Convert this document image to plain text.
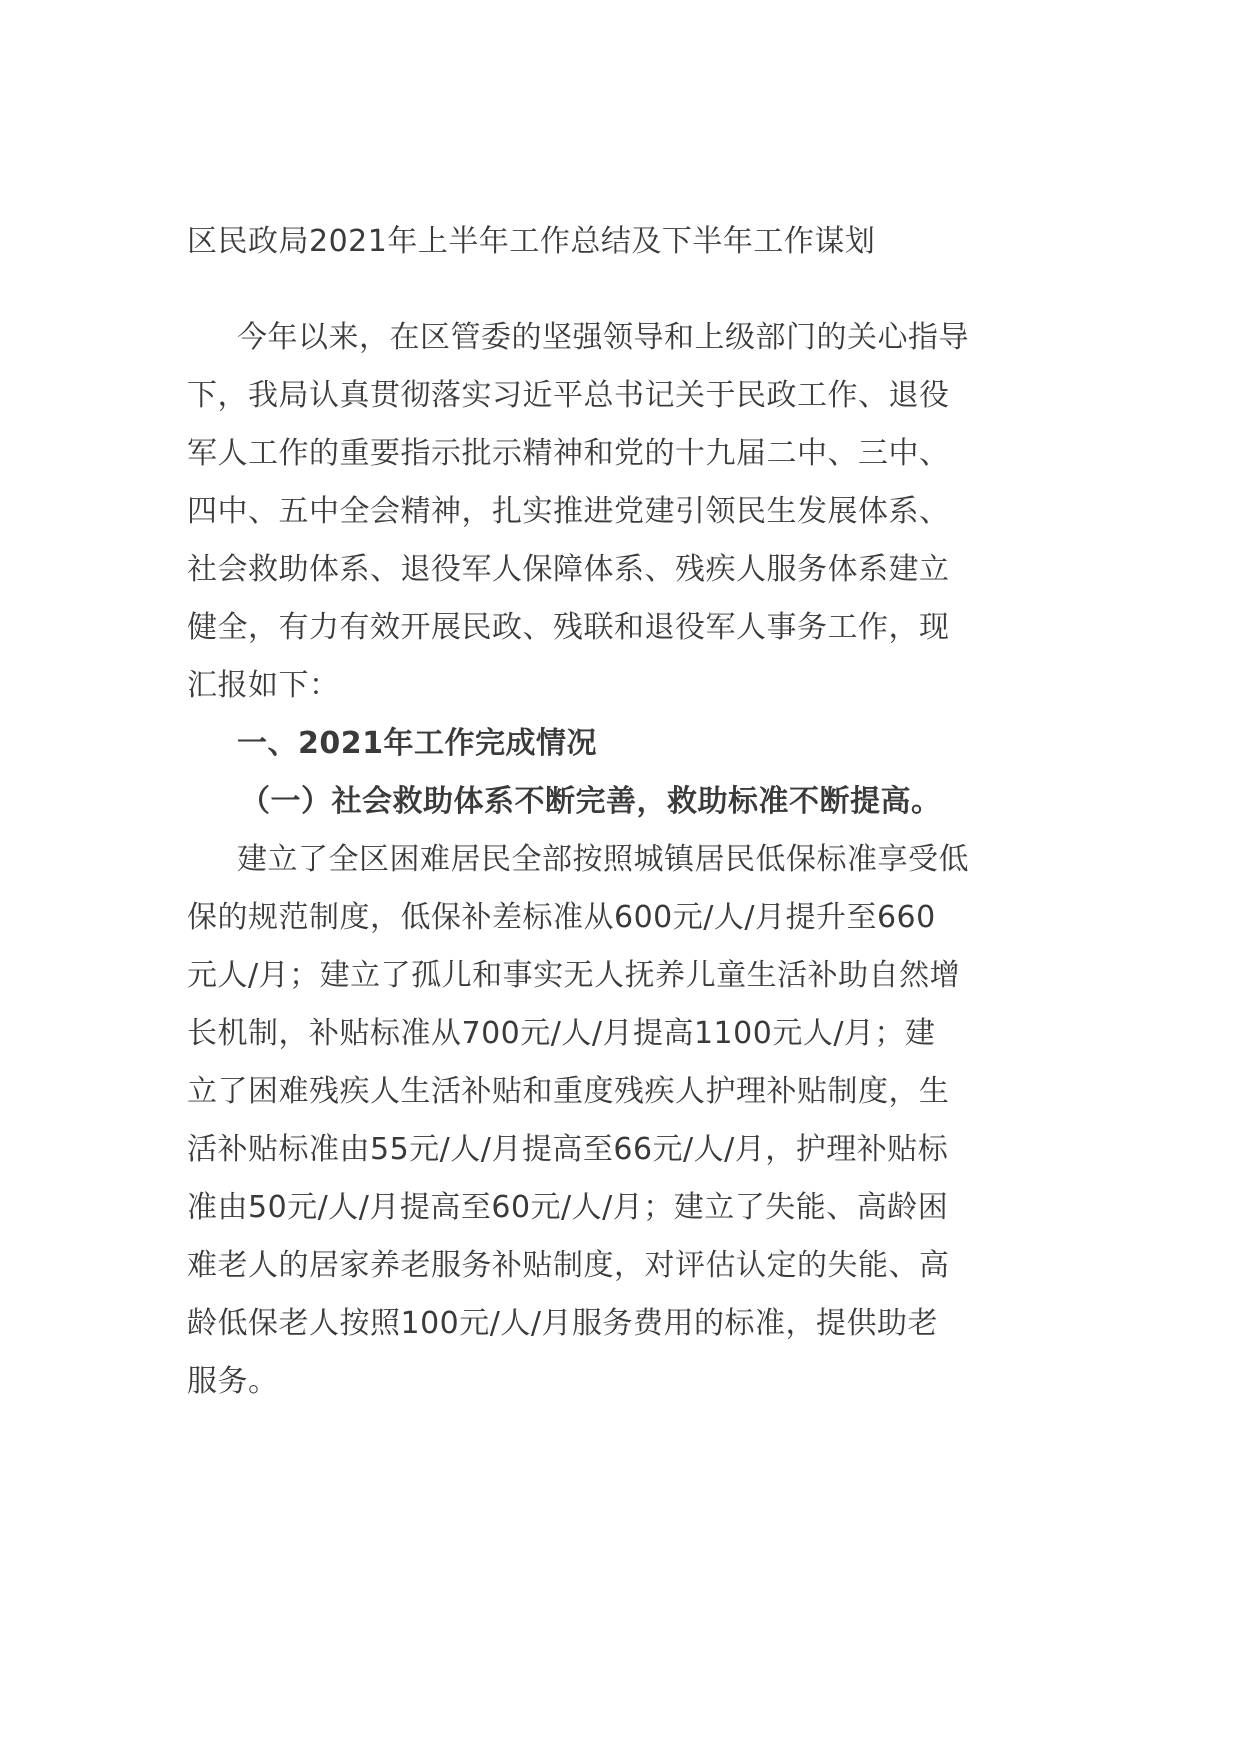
区民政局2021年上半年工作总结及下半年工作谋划
今年以来，在区管委的坚强领导和上级部门的关心指导
下，我局认真贯彻落实习近平总书记关于民政工作、退役
军人工作的重要指示批示精神和党的十九届二中、三中、
四中、五中全会精神，扎实推进党建引领民生发展体系、
社会救助体系、退役军人保障体系、残疾人服务体系建立
健全，有力有效开展民政、残联和退役军人事务工作，现
汇报如下：
一、2021年工作完成情况
（一）社会救助体系不断完善，救助标准不断提高。
建立了全区困难居民全部按照城镇居民低保标准享受低
保的规范制度，低保补差标准从600元/人/月提升至660
元人/月；建立了孤儿和事实无人抚养儿童生活补助自然增
长机制，补贴标准从700元/人/月提高1100元人/月；建
立了困难残疾人生活补贴和重度残疾人护理补贴制度，生
活补贴标准由55元/人/月提高至66元/人/月，护理补贴标
准由50元/人/月提高至60元/人/月；建立了失能、高龄困
难老人的居家养老服务补贴制度，对评估认定的失能、高
龄低保老人按照100元/人/月服务费用的标准，提供助老
服务。
